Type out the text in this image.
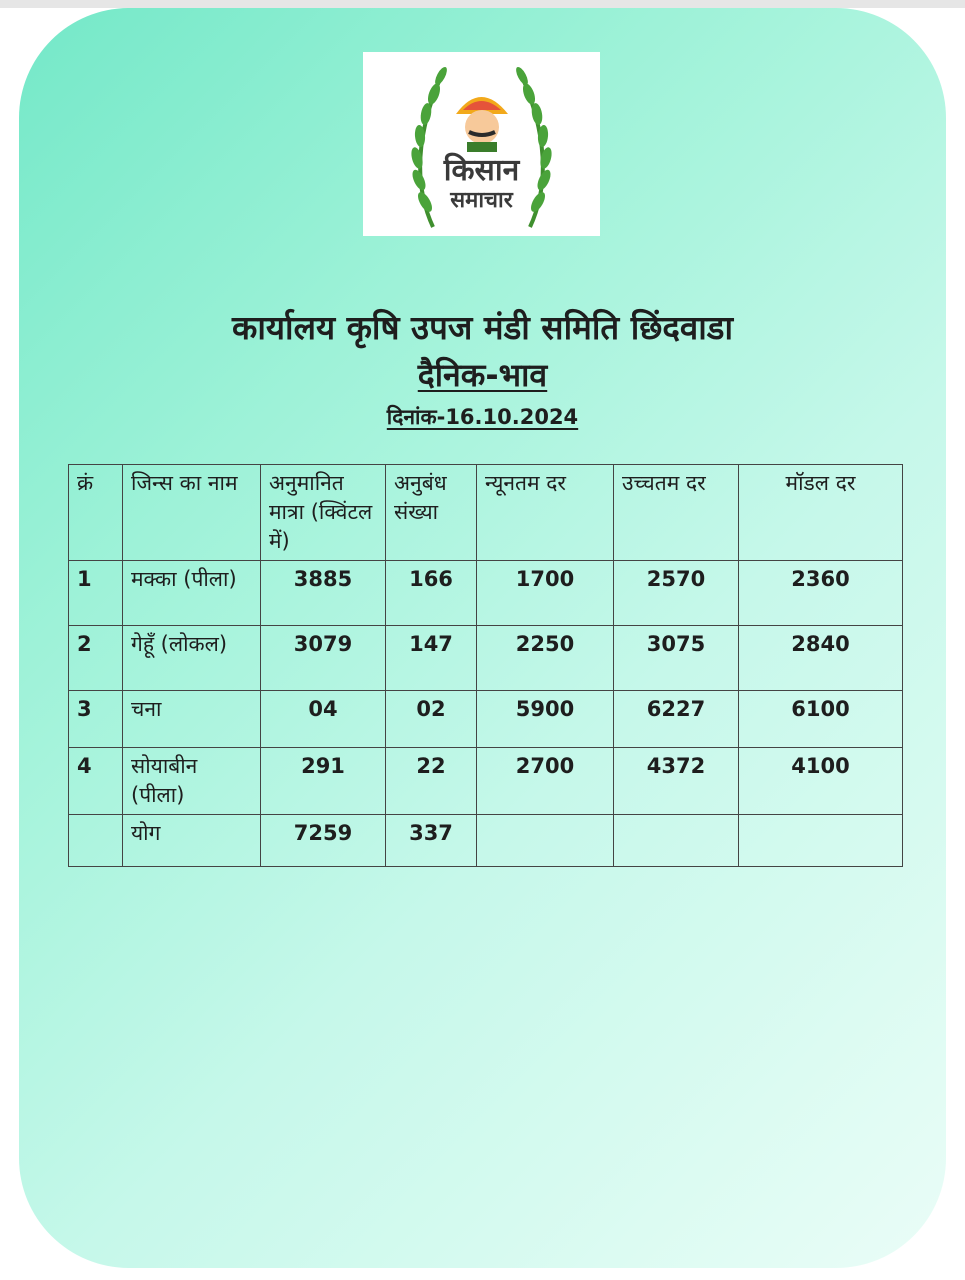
किसान
समाचार
कार्यालय कृषि उपज मंडी समिति छिंदवाडा
दैनिक-भाव
दिनांक-16.10.2024
क्रं	जिन्स का नाम	अनुमानित मात्रा (क्विंटल में)	अनुबंध संख्या	न्यूनतम दर	उच्चतम दर	मॉडल दर
1	मक्का (पीला)	3885	166	1700	2570	2360
2	गेहूँ (लोकल)	3079	147	2250	3075	2840
3	चना	04	02	5900	6227	6100
4	सोयाबीन (पीला)	291	22	2700	4372	4100
	योग	7259	337			
